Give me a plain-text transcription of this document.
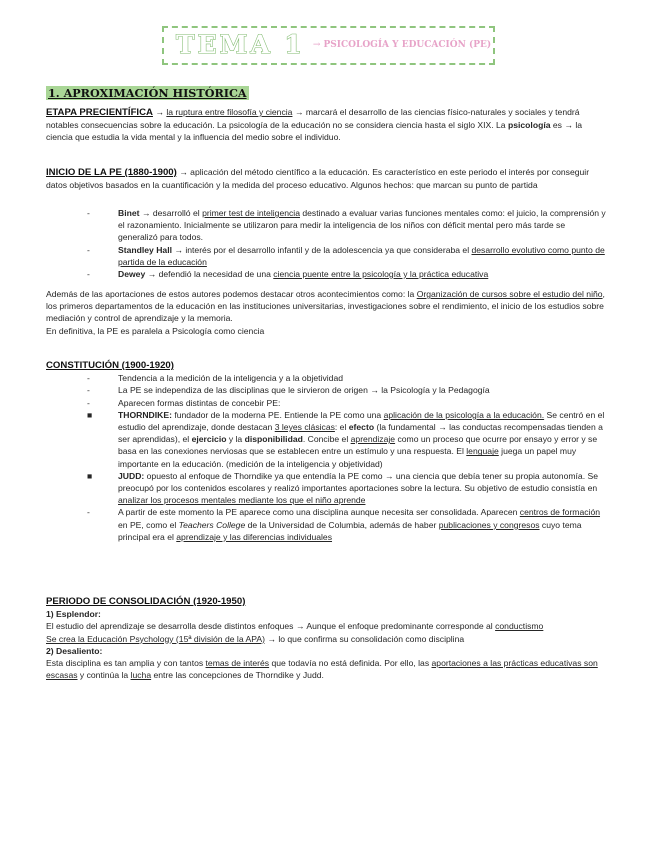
TEMA 1 → PSICOLOGÍA Y EDUCACIÓN (PE)
1. APROXIMACIÓN HISTÓRICA
ETAPA PRECIENTÍFICA → la ruptura entre filosofía y ciencia → marcará el desarrollo de las ciencias físico-naturales y sociales y tendrá notables consecuencias sobre la educación. La psicología de la educación no se considera ciencia hasta el siglo XIX. La psicología es → la ciencia que estudia la vida mental y la influencia del medio sobre el individuo.
INICIO DE LA PE (1880-1900) → aplicación del método científico a la educación. Es característico en este periodo el interés por conseguir datos objetivos basados en la cuantificación y la medida del proceso educativo. Algunos hechos: que marcan su punto de partida
-	Binet → desarrolló el primer test de inteligencia destinado a evaluar varias funciones mentales como: el juicio, la comprensión y el razonamiento. Inicialmente se utilizaron para medir la inteligencia de los niños con déficit mental pero más tarde se generalizó para todos.
-	Standley Hall → interés por el desarrollo infantil y de la adolescencia ya que consideraba el desarrollo evolutivo como punto de partida de la educación
-	Dewey → defendió la necesidad de una ciencia puente entre la psicología y la práctica educativa
Además de las aportaciones de estos autores podemos destacar otros acontecimientos como: la Organización de cursos sobre el estudio del niño, los primeros departamentos de la educación en las instituciones universitarias, investigaciones sobre el rendimiento, el inicio de los estudios sobre mediación y control de aprendizaje y la memoria.
En definitiva, la PE es paralela a Psicología como ciencia
CONSTITUCIÓN (1900-1920)
-	Tendencia a la medición de la inteligencia y a la objetividad
-	La PE se independiza de las disciplinas que le sirvieron de origen → la Psicología y la Pedagogía
-	Aparecen formas distintas de concebir PE:
■	THORNDIKE: fundador de la moderna PE. Entiende la PE como una aplicación de la psicología a la educación. Se centró en el estudio del aprendizaje, donde destacan 3 leyes clásicas: el efecto (la fundamental → las conductas recompensadas tienden a ser aprendidas), el ejercicio y la disponibilidad. Concibe el aprendizaje como un proceso que ocurre por ensayo y error y se basa en las conexiones nerviosas que se establecen entre un estímulo y una respuesta. El lenguaje juega un papel muy importante en la educación. (medición de la inteligencia y objetividad)
■	JUDD: opuesto al enfoque de Thorndike ya que entendía la PE como → una ciencia que debía tener su propia autonomía. Se preocupó por los contenidos escolares y realizó importantes aportaciones sobre la lectura. Su objetivo de estudio consistía en analizar los procesos mentales mediante los que el niño aprende
-	A partir de este momento la PE aparece como una disciplina aunque necesita ser consolidada. Aparecen centros de formación en PE, como el Teachers College de la Universidad de Columbia, además de haber publicaciones y congresos cuyo tema principal era el aprendizaje y las diferencias individuales
PERIODO DE CONSOLIDACIÓN (1920-1950)
1) Esplendor:
El estudio del aprendizaje se desarrolla desde distintos enfoques → Aunque el enfoque predominante corresponde al conductismo
Se crea la Educación Psychology (15ª división de la APA) → lo que confirma su consolidación como disciplina
2) Desaliento:
Esta disciplina es tan amplia y con tantos temas de interés que todavía no está definida. Por ello, las aportaciones a las prácticas educativas son escasas y continúa la lucha entre las concepciones de Thorndike y Judd.
